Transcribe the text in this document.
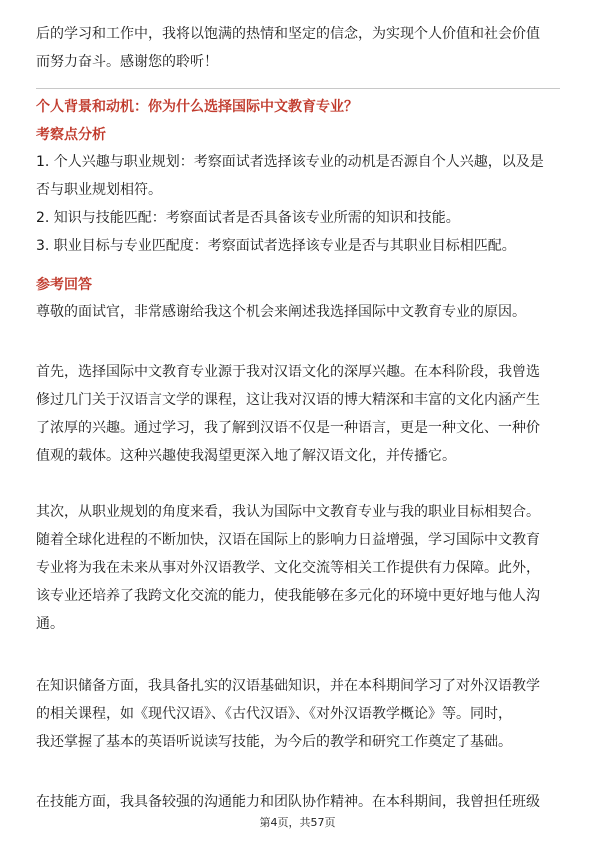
后的学习和工作中，我将以饱满的热情和坚定的信念，为实现个人价值和社会价值
而努力奋斗。感谢您的聆听！
个人背景和动机：你为什么选择国际中文教育专业？
考察点分析
1. 个人兴趣与职业规划：考察面试者选择该专业的动机是否源自个人兴趣，以及是
否与职业规划相符。
2. 知识与技能匹配：考察面试者是否具备该专业所需的知识和技能。
3. 职业目标与专业匹配度：考察面试者选择该专业是否与其职业目标相匹配。
参考回答
尊敬的面试官，非常感谢给我这个机会来阐述我选择国际中文教育专业的原因。
首先，选择国际中文教育专业源于我对汉语文化的深厚兴趣。在本科阶段，我曾选
修过几门关于汉语言文学的课程，这让我对汉语的博大精深和丰富的文化内涵产生
了浓厚的兴趣。通过学习，我了解到汉语不仅是一种语言，更是一种文化、一种价
值观的载体。这种兴趣使我渴望更深入地了解汉语文化，并传播它。
其次，从职业规划的角度来看，我认为国际中文教育专业与我的职业目标相契合。
随着全球化进程的不断加快，汉语在国际上的影响力日益增强，学习国际中文教育
专业将为我在未来从事对外汉语教学、文化交流等相关工作提供有力保障。此外，
该专业还培养了我跨文化交流的能力，使我能够在多元化的环境中更好地与他人沟
通。
在知识储备方面，我具备扎实的汉语基础知识，并在本科期间学习了对外汉语教学
的相关课程，如《现代汉语》、《古代汉语》、《对外汉语教学概论》等。同时，
我还掌握了基本的英语听说读写技能，为今后的教学和研究工作奠定了基础。
在技能方面，我具备较强的沟通能力和团队协作精神。在本科期间，我曾担任班级
第4页，共57页
